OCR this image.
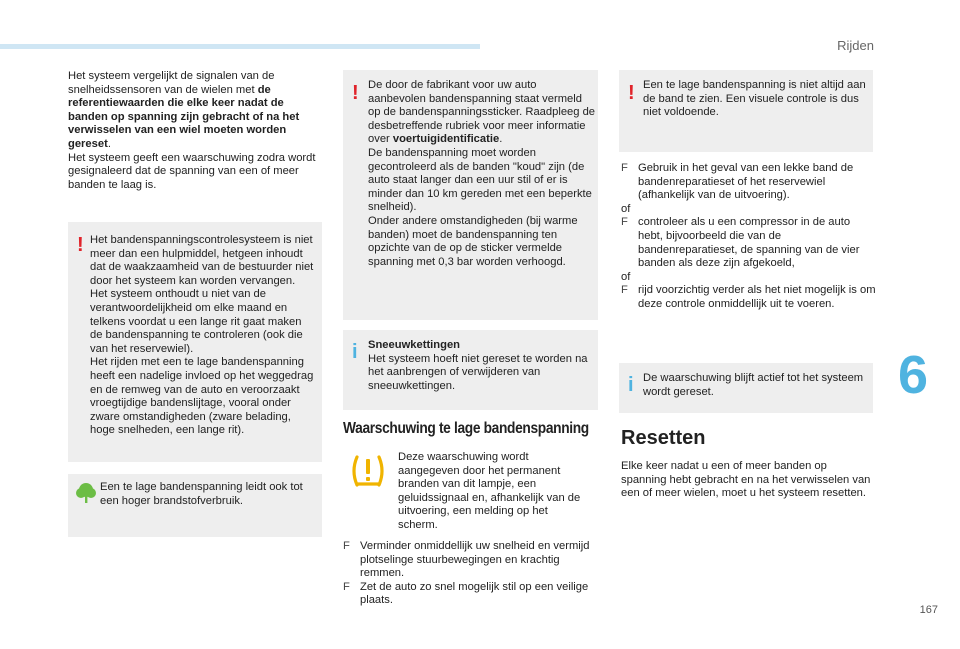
Rijden
6
167

Het systeem vergelijkt de signalen van de snelheidssensoren van de wielen met de referentiewaarden die elke keer nadat de banden op spanning zijn gebracht of na het verwisselen van een wiel moeten worden gereset.

Het systeem geeft een waarschuwing zodra wordt gesignaleerd dat de spanning van een of meer banden te laag is.

! Het bandenspanningscontrolesysteem is niet meer dan een hulpmiddel, hetgeen inhoudt dat de waakzaamheid van de bestuurder niet door het systeem kan worden vervangen.

Het systeem onthoudt u niet van de verantwoordelijkheid om elke maand en telkens voordat u een lange rit gaat maken de bandenspanning te controleren (ook die van het reservewiel).

Het rijden met een te lage bandenspanning heeft een nadelige invloed op het weggedrag en de remweg van de auto en veroorzaakt vroegtijdige bandenslijtage, vooral onder zware omstandigheden (zware belading, hoge snelheden, een lange rit).

Een te lage bandenspanning leidt ook tot een hoger brandstofverbruik.
! De door de fabrikant voor uw auto aanbevolen bandenspanning staat vermeld op de bandenspanningssticker. Raadpleeg de desbetreffende rubriek voor meer informatie over voertuigidentificatie.

De bandenspanning moet worden gecontroleerd als de banden "koud" zijn (de auto staat langer dan een uur stil of er is minder dan 10 km gereden met een beperkte snelheid).

Onder andere omstandigheden (bij warme banden) moet de bandenspanning ten opzichte van de op de sticker vermelde spanning met 0,3 bar worden verhoogd.

i Sneeuwkettingen

Het systeem hoeft niet gereset te worden na het aanbrengen of verwijderen van sneeuwkettingen.

Waarschuwing te lage bandenspanning
Deze waarschuwing wordt aangegeven door het permanent branden van dit lampje, een geluidssignaal en, afhankelijk van de uitvoering, een melding op het scherm.
F Verminder onmiddellijk uw snelheid en vermijd plotselinge stuurbewegingen en krachtig remmen.
F Zet de auto zo snel mogelijk stil op een veilige plaats.
! Een te lage bandenspanning is niet altijd aan de band te zien. Een visuele controle is dus niet voldoende.
F Gebruik in het geval van een lekke band de bandenreparatieset of het reservewiel (afhankelijk van de uitvoering).

of

F controleer als u een compressor in de auto hebt, bijvoorbeeld die van de bandenreparatieset, de spanning van de vier banden als deze zijn afgekoeld,

of

F rijd voorzichtig verder als het niet mogelijk is om deze controle onmiddellijk uit te voeren.
i De waarschuwing blijft actief tot het systeem wordt gereset.
Resetten
Elke keer nadat u een of meer banden op spanning hebt gebracht en na het verwisselen van een of meer wielen, moet u het systeem resetten.
